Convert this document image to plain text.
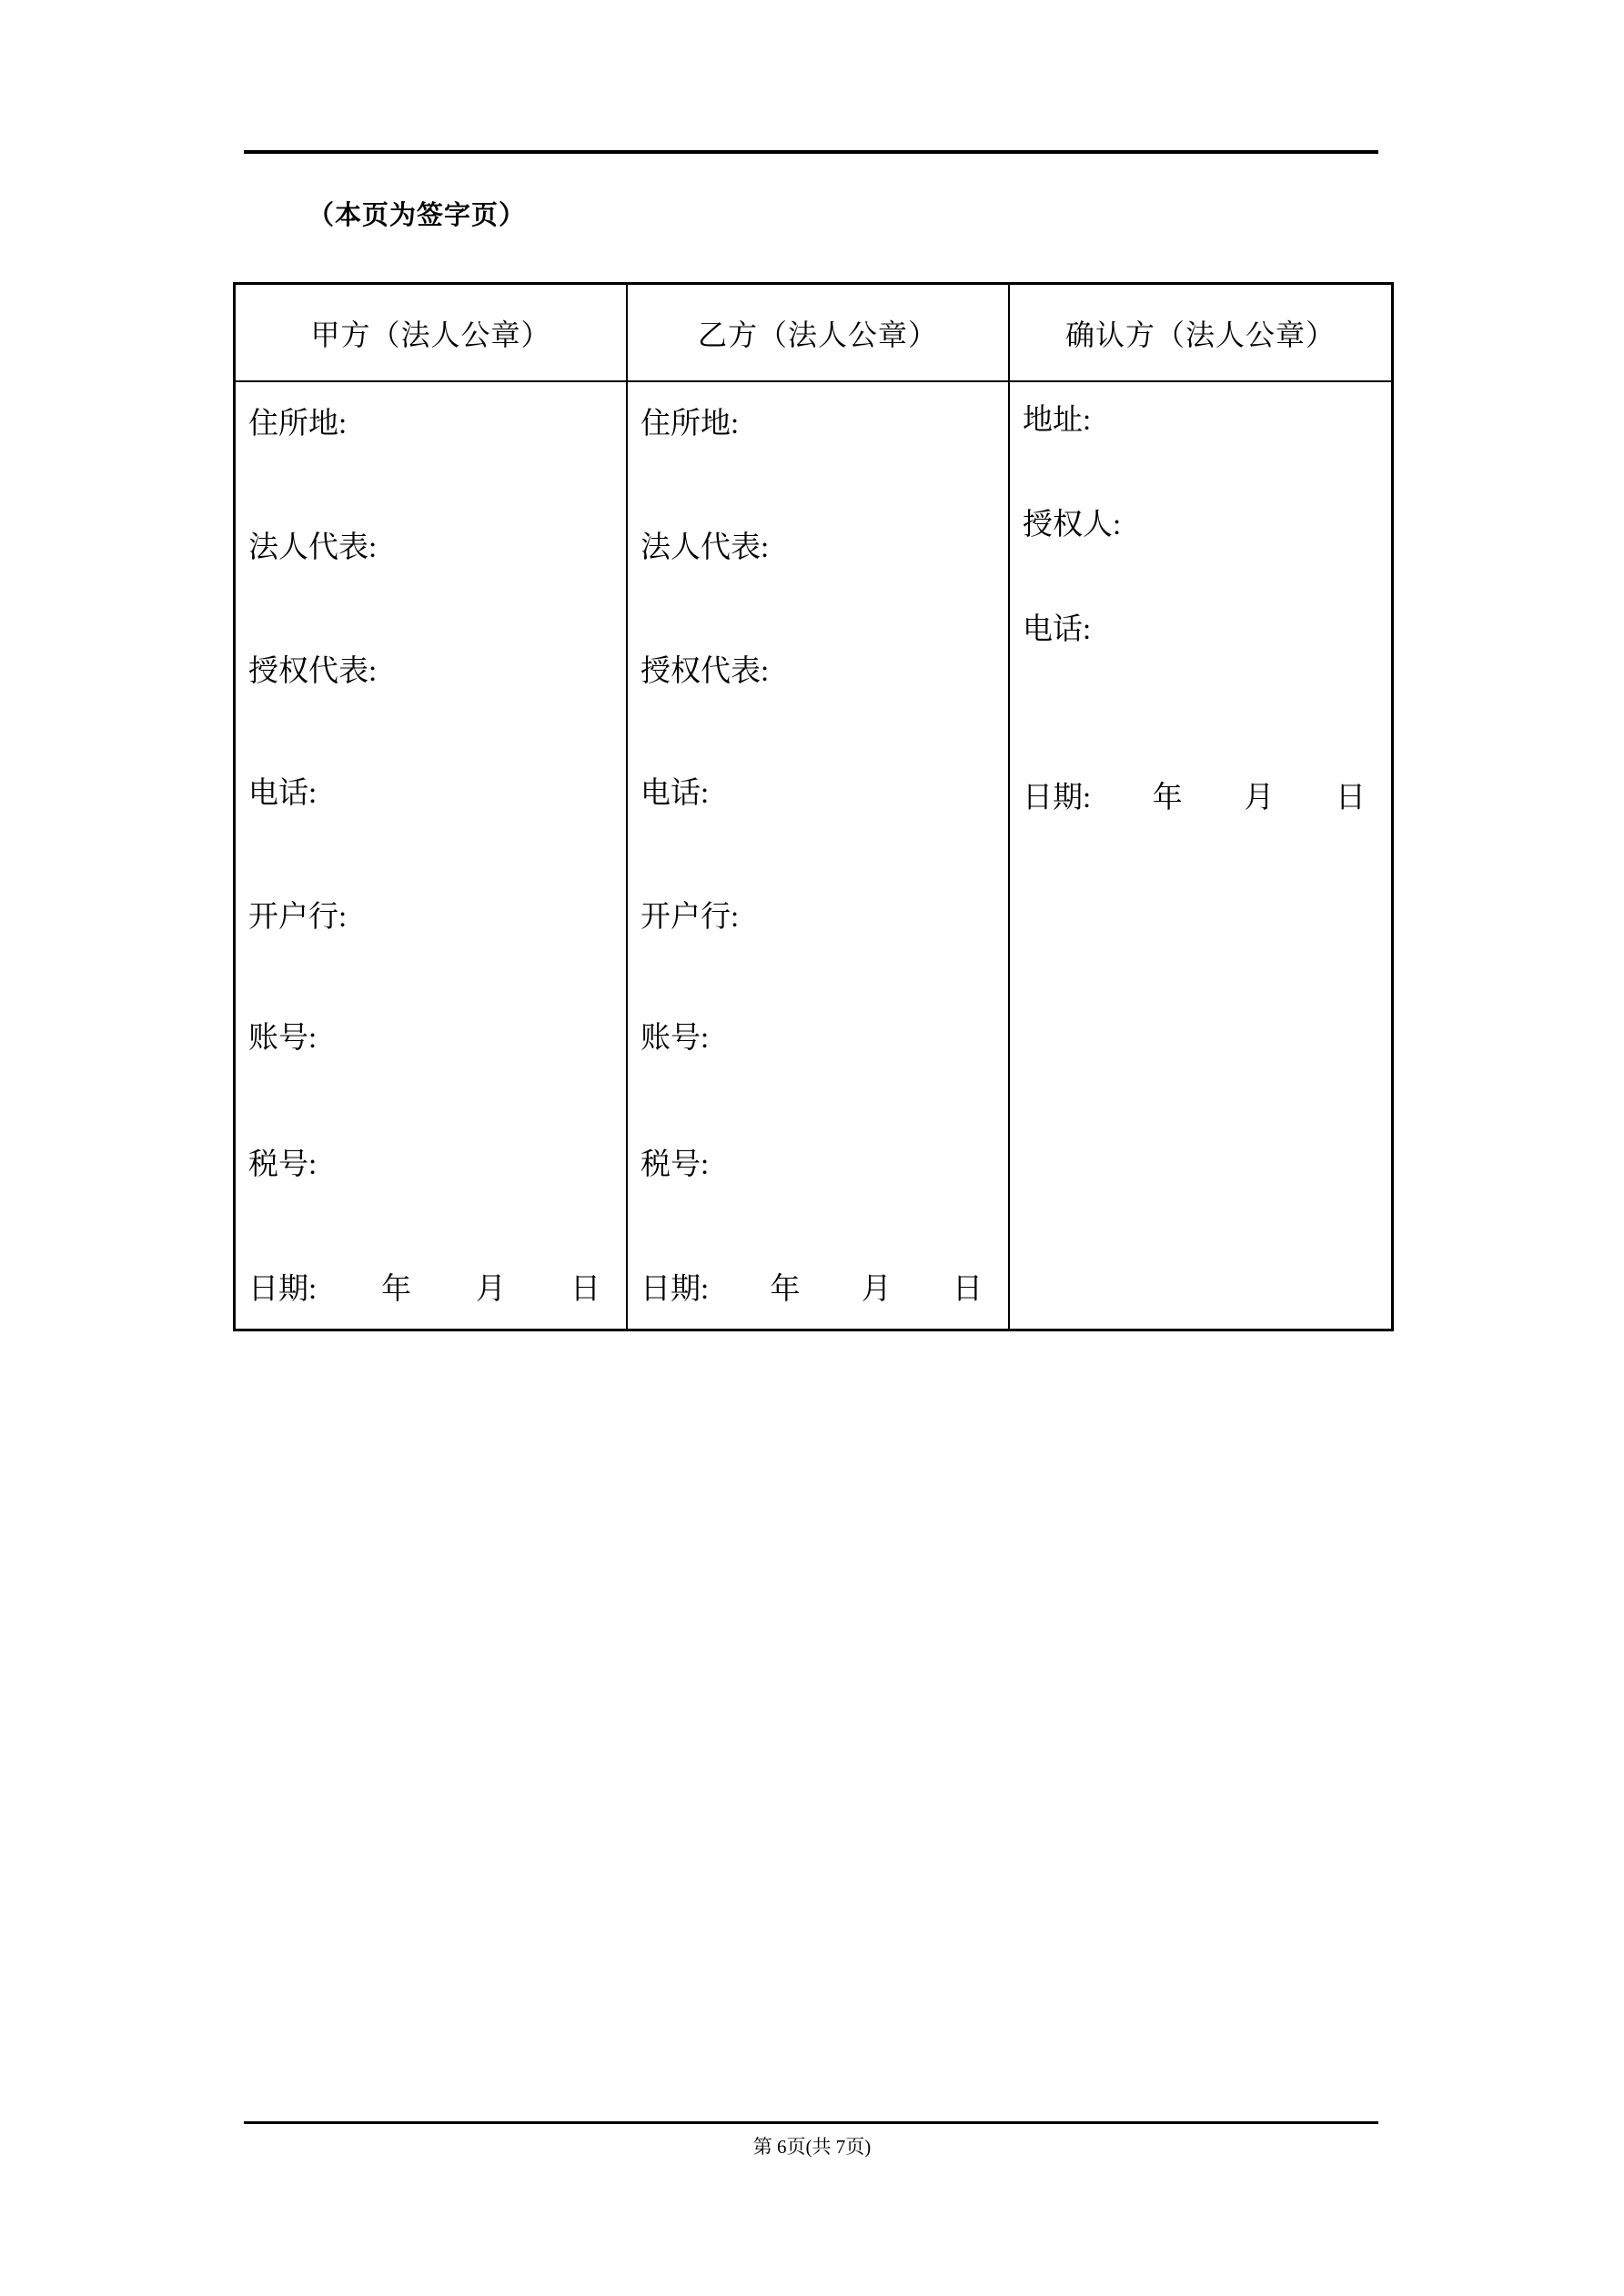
（本页为签字页）
甲方（法人公章）	乙方（法人公章）	确认方（法人公章）
住所地:
法人代表:
授权代表:
电话:
开户行:
账号:
税号:
日期: 年 月 日
住所地:
法人代表:
授权代表:
电话:
开户行:
账号:
税号:
日期: 年 月 日
地址:
授权人:
电话:
日期: 年 月 日
第 6页(共 7页)
